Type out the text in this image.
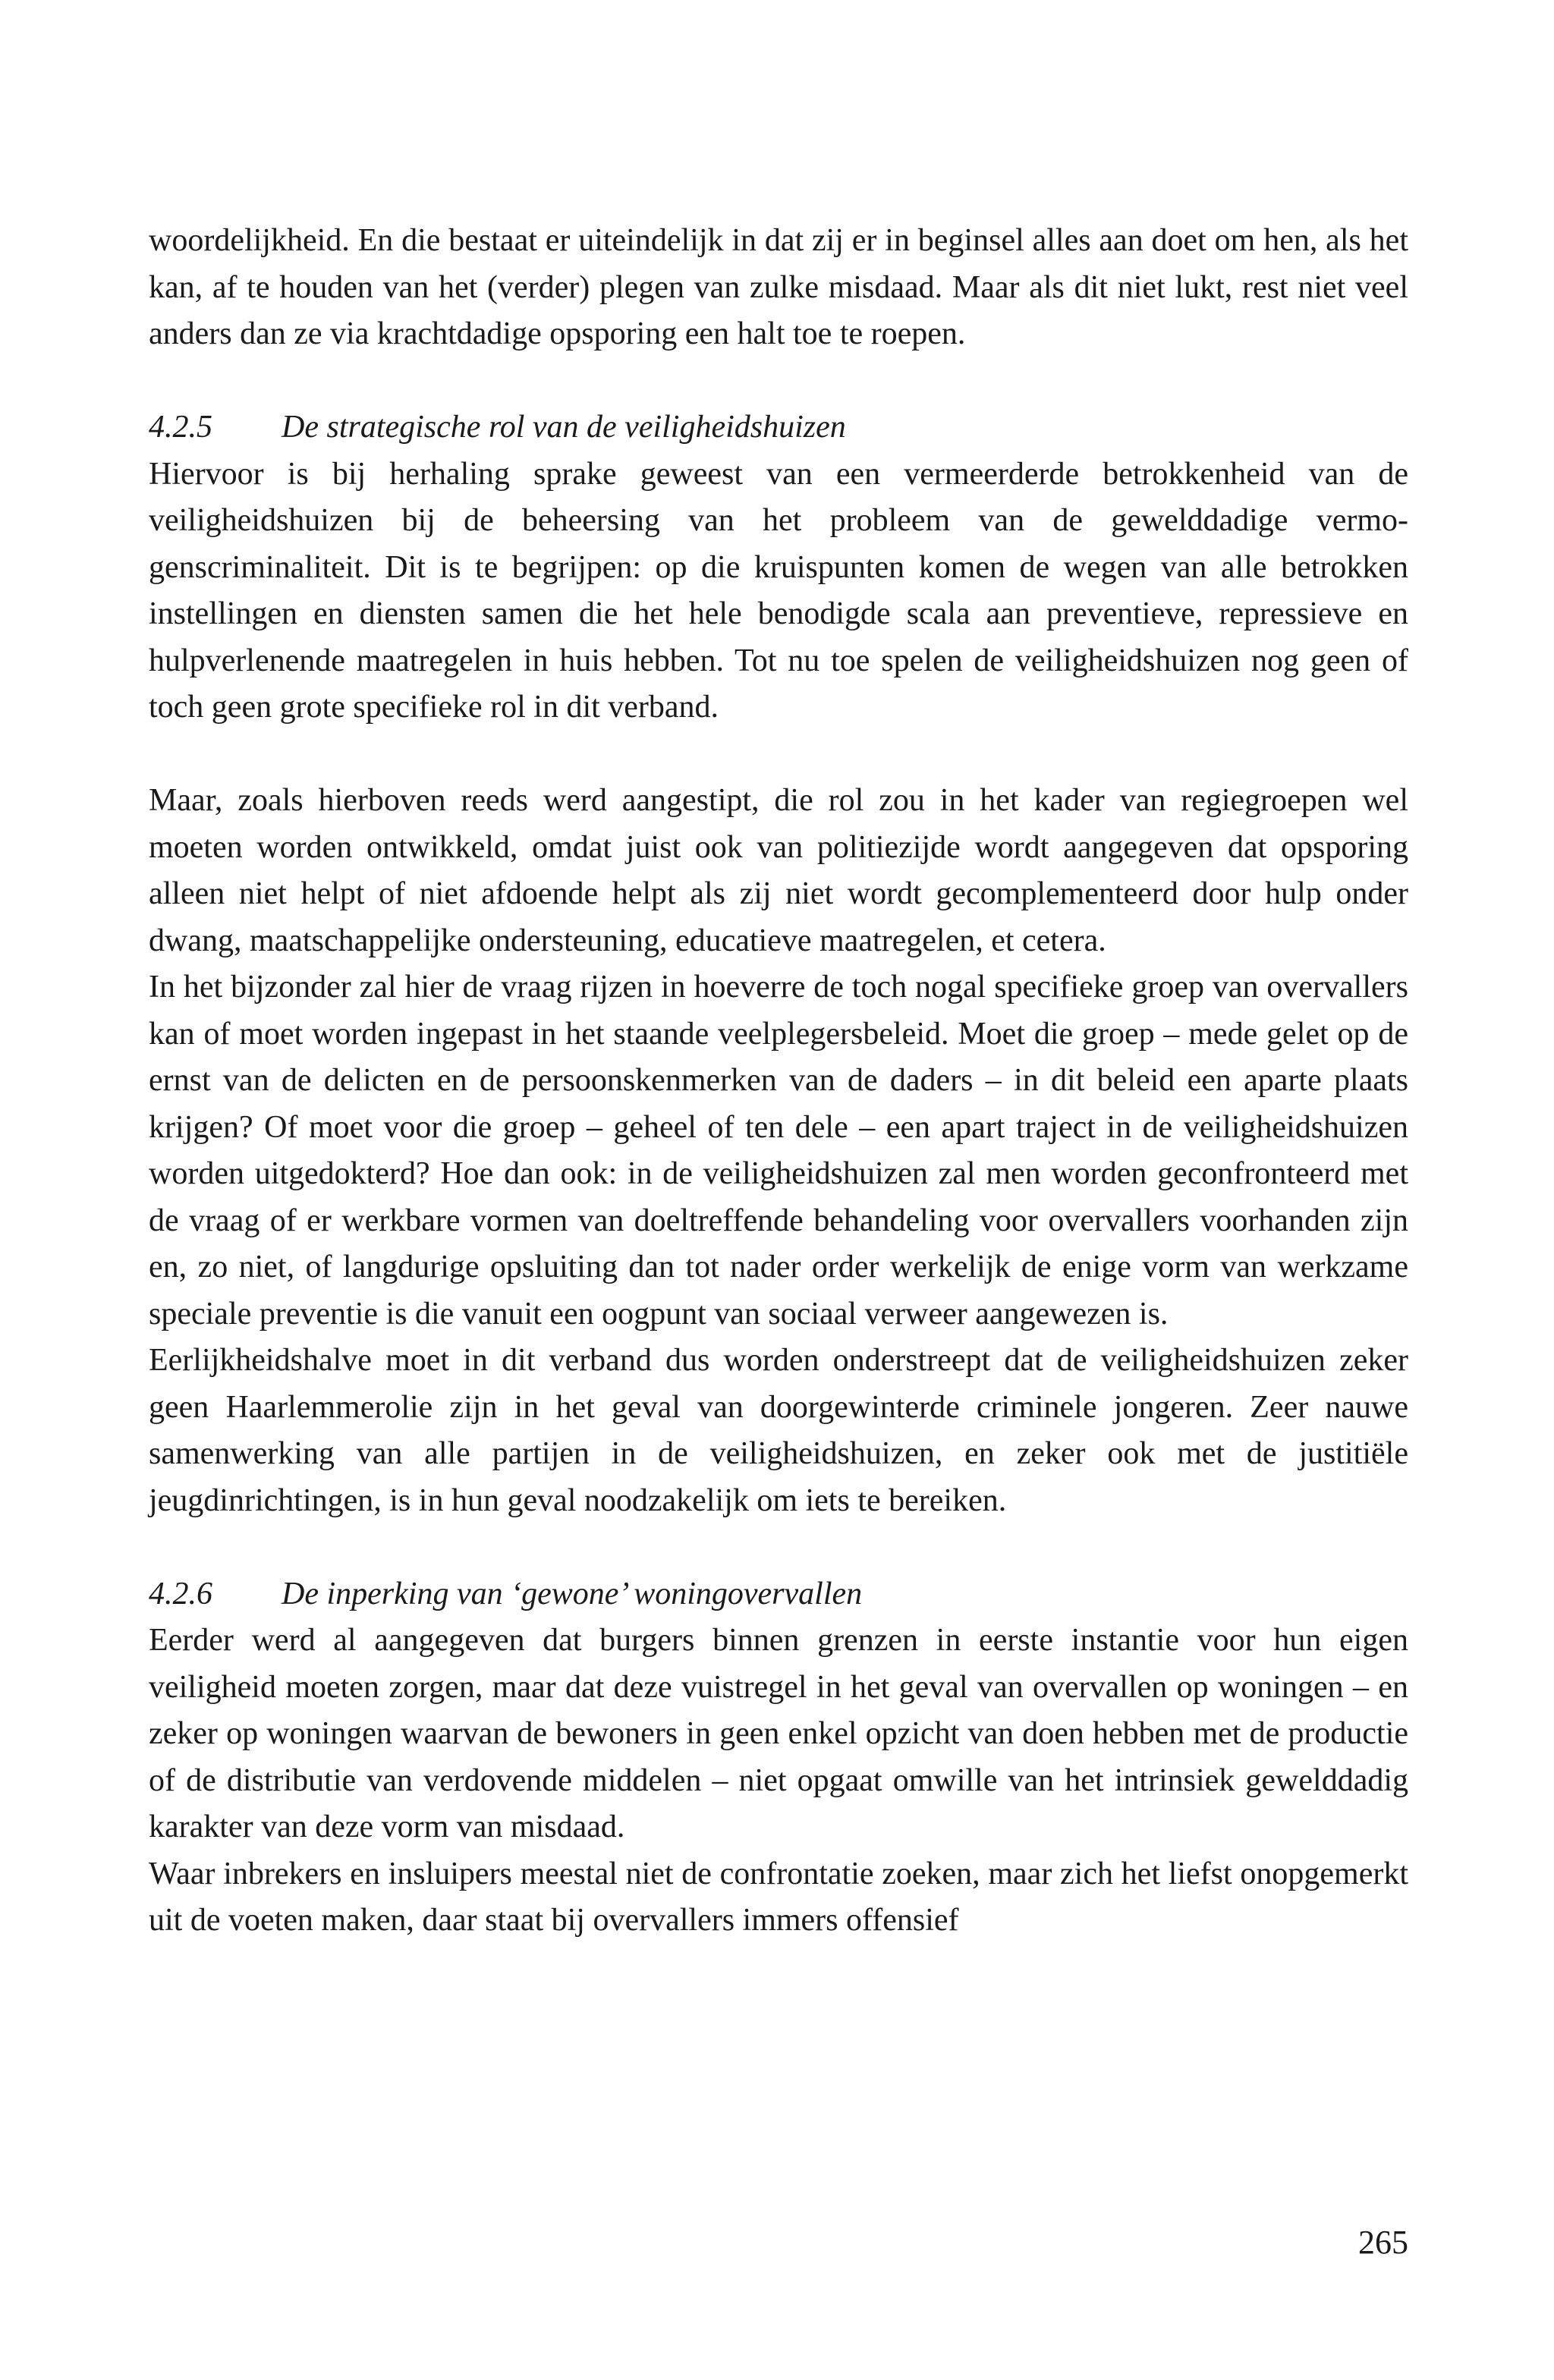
woordelijkheid. En die bestaat er uiteindelijk in dat zij er in beginsel alles aan doet om hen, als het kan, af te houden van het (verder) plegen van zulke misdaad. Maar als dit niet lukt, rest niet veel anders dan ze via krachtdadige opsporing een halt toe te roepen.

4.2.5 De strategische rol van de veiligheidshuizen

Hiervoor is bij herhaling sprake geweest van een vermeerderde betrokkenheid van de veiligheidshuizen bij de beheersing van het probleem van de gewelddadige vermogenscriminaliteit. Dit is te begrijpen: op die kruispunten komen de wegen van alle betrokken instellingen en diensten samen die het hele benodigde scala aan preventieve, repressieve en hulpverlenende maatregelen in huis hebben. Tot nu toe spelen de veiligheidshuizen nog geen of toch geen grote specifieke rol in dit verband.

Maar, zoals hierboven reeds werd aangestipt, die rol zou in het kader van regiegroepen wel moeten worden ontwikkeld, omdat juist ook van politiezijde wordt aangegeven dat opsporing alleen niet helpt of niet afdoende helpt als zij niet wordt gecomplementeerd door hulp onder dwang, maatschappelijke ondersteuning, educatieve maatregelen, et cetera.

In het bijzonder zal hier de vraag rijzen in hoeverre de toch nogal specifieke groep van overvallers kan of moet worden ingepast in het staande veelplegersbeleid. Moet die groep – mede gelet op de ernst van de delicten en de persoonskenmerken van de daders – in dit beleid een aparte plaats krijgen? Of moet voor die groep – geheel of ten dele – een apart traject in de veiligheidshuizen worden uitgedokterd? Hoe dan ook: in de veiligheidshuizen zal men worden geconfronteerd met de vraag of er werkbare vormen van doeltreffende behandeling voor overvallers voorhanden zijn en, zo niet, of langdurige opsluiting dan tot nader order werkelijk de enige vorm van werkzame speciale preventie is die vanuit een oogpunt van sociaal verweer aangewezen is.

Eerlijkheidshalve moet in dit verband dus worden onderstreept dat de veiligheidshuizen zeker geen Haarlemmerolie zijn in het geval van doorgewinterde criminele jongeren. Zeer nauwe samenwerking van alle partijen in de veiligheidshuizen, en zeker ook met de justitiële jeugdinrichtingen, is in hun geval noodzakelijk om iets te bereiken.

4.2.6 De inperking van ‘gewone’ woningovervallen

Eerder werd al aangegeven dat burgers binnen grenzen in eerste instantie voor hun eigen veiligheid moeten zorgen, maar dat deze vuistregel in het geval van overvallen op woningen – en zeker op woningen waarvan de bewoners in geen enkel opzicht van doen hebben met de productie of de distributie van verdovende middelen – niet opgaat omwille van het intrinsiek gewelddadig karakter van deze vorm van misdaad.

Waar inbrekers en insluipers meestal niet de confrontatie zoeken, maar zich het liefst onopgemerkt uit de voeten maken, daar staat bij overvallers immers offensief

265
